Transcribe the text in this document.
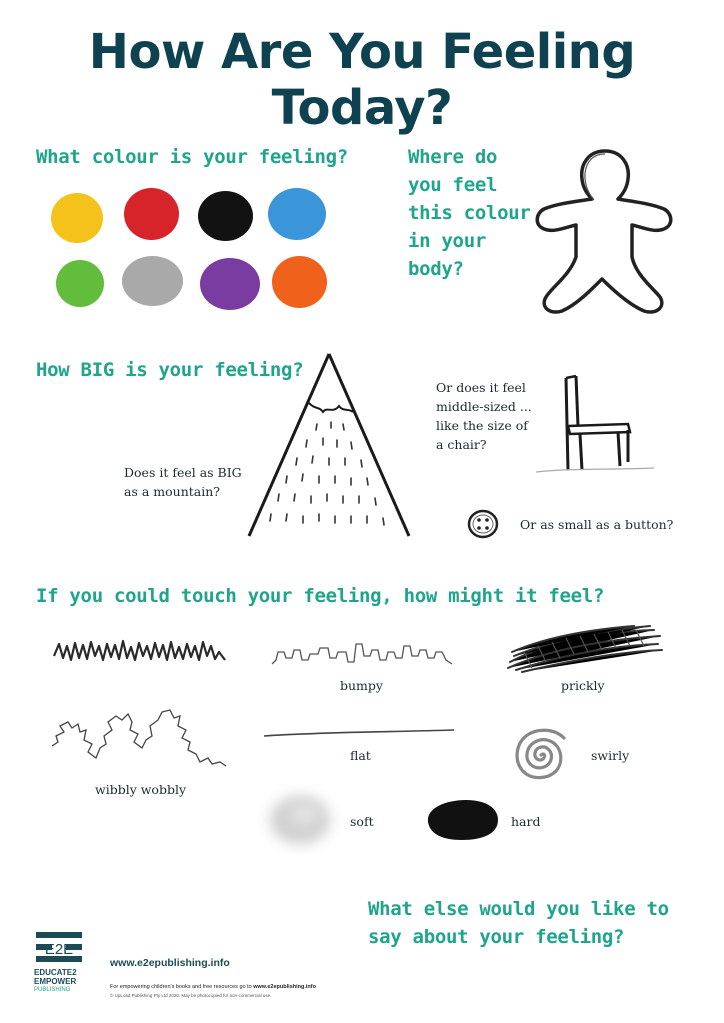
How Are You Feeling Today?
What colour is your feeling?	Where do
you feel
this colour
in your
body?
How BIG is your feeling?
Does it feel as BIG
as a mountain?
Or does it feel
middle-sized ...
like the size of
a chair?
Or as small as a button?
If you could touch your feeling, how might it feel?
bumpy	prickly
wibbly wobbly
flat	swirly
soft	hard
What else would you like to
say about your feeling?
E2E
EDUCATE2
EMPOWER
PUBLISHING
www.e2epublishing.info
For empowering children's books and free resources go to www.e2epublishing.info
© UpLoad Publishing Pty Ltd 2020. May be photocopied for non-commercial use.
